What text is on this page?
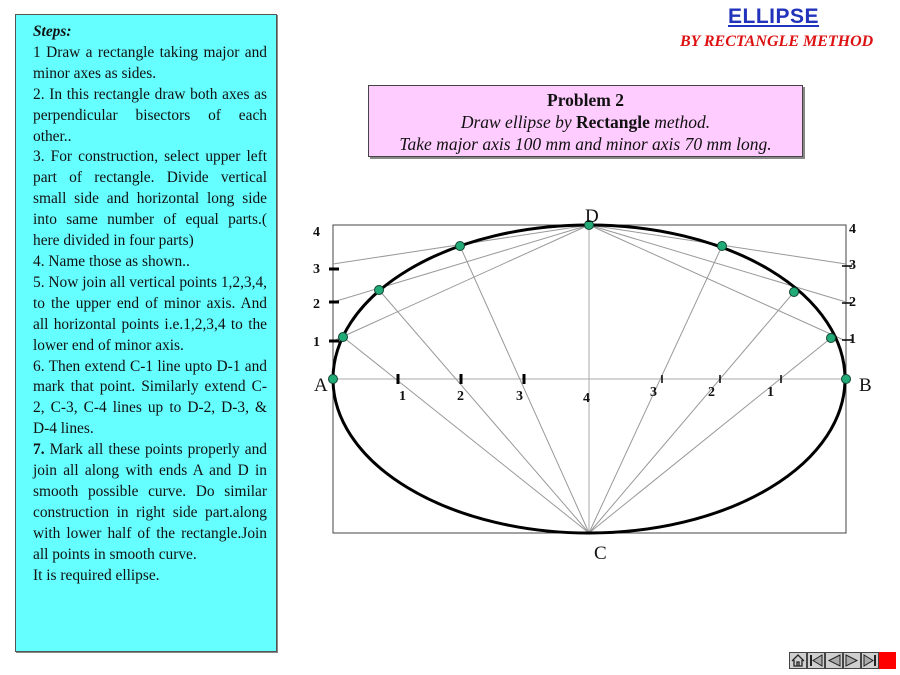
Steps:

1 Draw a rectangle taking major and minor axes as sides.

2. In this rectangle draw both axes as perpendicular bisectors of each other..

3. For construction, select upper left part of rectangle. Divide vertical small side and horizontal long side into same number of equal parts.( here divided in four parts)

4. Name those as shown..

5. Now join all vertical points 1,2,3,4, to the upper end of minor axis. And all horizontal points i.e.1,2,3,4 to the lower end of minor axis.

6. Then extend C-1 line upto D-1 and mark that point. Similarly extend C-2, C-3, C-4 lines up to D-2, D-3, & D-4 lines.

7. Mark all these points properly and join all along with ends A and D in smooth possible curve. Do similar construction in right side part.along with lower half of the rectangle.Join all points in smooth curve.

It is required ellipse.

ELLIPSE
BY RECTANGLE METHOD
Problem 2
Draw ellipse by Rectangle method.
Take major axis 100 mm and minor axis 70 mm long.
A	B
C
D
1
2
3
4
1
2
3
4
1	2	3	4	3	2	1
